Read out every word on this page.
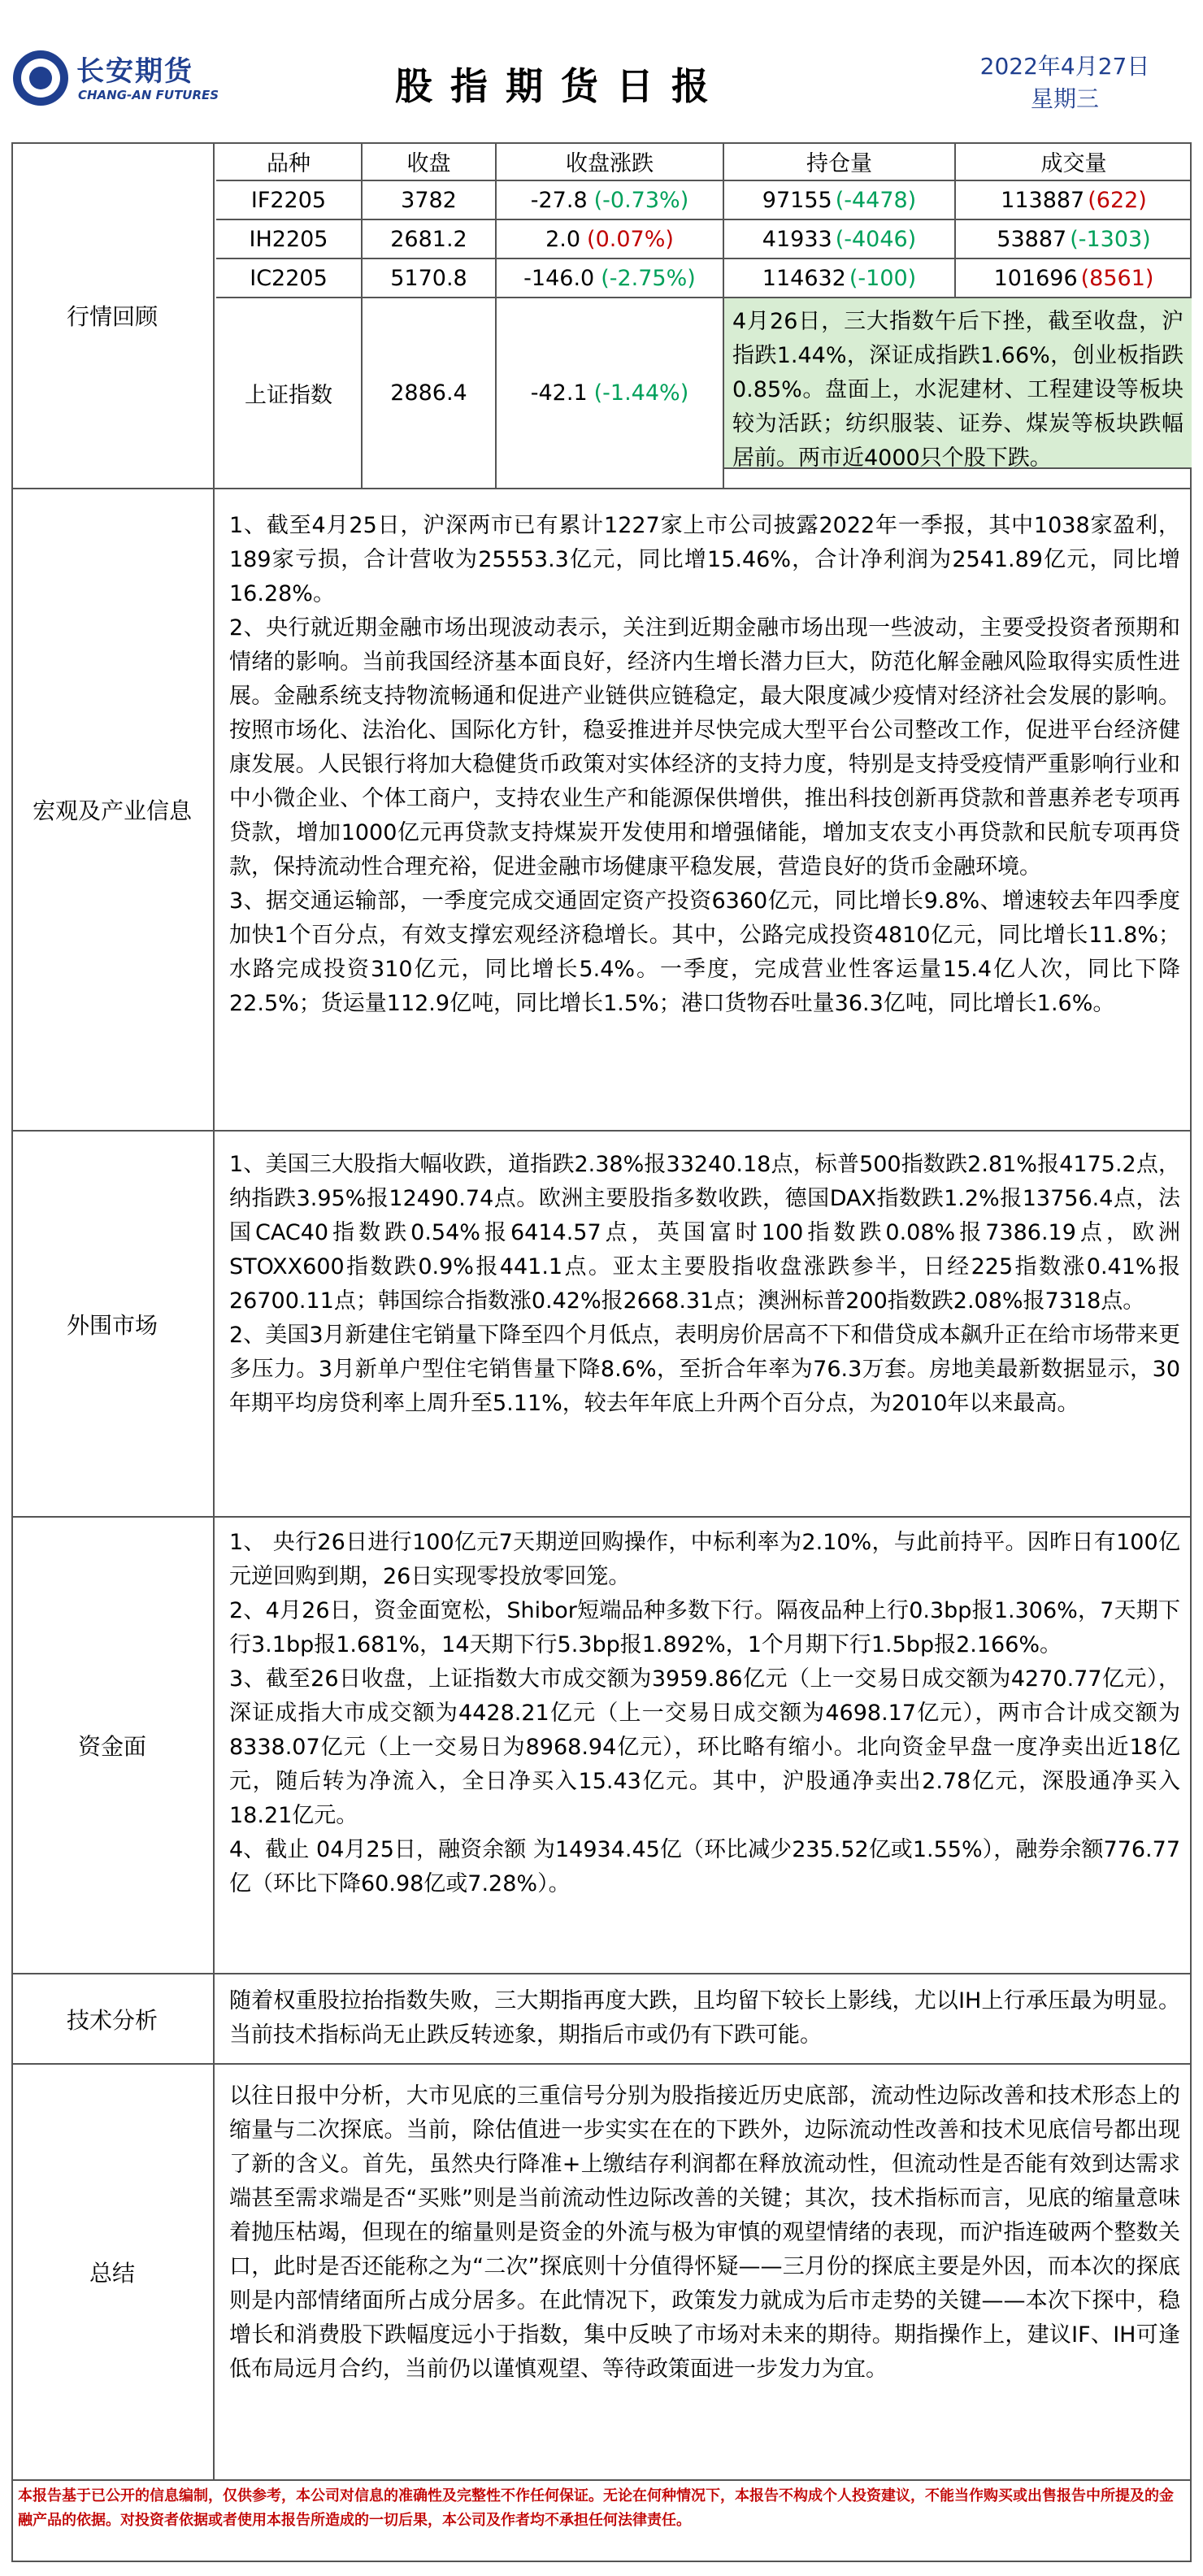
长安期货
CHANG-AN FUTURES	股指期货日报	2022年4月27日
星期三
行情回顾
品种	收盘	收盘涨跌	持仓量	成交量
IF2205	3782	-27.8 (-0.73%)	97155 (-4478)	113887 (622)
IH2205	2681.2	2.0 (0.07%)	41933 (-4046)	53887 (-1303)
IC2205	5170.8	-146.0 (-2.75%)	114632 (-100)	101696 (8561)
上证指数	2886.4	-42.1 (-1.44%)
4月26日，三大指数午后下挫，截至收盘，沪指跌1.44%，深证成指跌1.66%，创业板指跌0.85%。盘面上，水泥建材、工程建设等板块较为活跃；纺织服装、证券、煤炭等板块跌幅居前。两市近4000只个股下跌。
宏观及产业信息

1、截至4月25日，沪深两市已有累计1227家上市公司披露2022年一季报，其中1038家盈利，189家亏损，合计营收为25553.3亿元，同比增15.46%，合计净利润为2541.89亿元，同比增16.28%。

2、央行就近期金融市场出现波动表示，关注到近期金融市场出现一些波动，主要受投资者预期和情绪的影响。当前我国经济基本面良好，经济内生增长潜力巨大，防范化解金融风险取得实质性进展。金融系统支持物流畅通和促进产业链供应链稳定，最大限度减少疫情对经济社会发展的影响。按照市场化、法治化、国际化方针，稳妥推进并尽快完成大型平台公司整改工作，促进平台经济健康发展。人民银行将加大稳健货币政策对实体经济的支持力度，特别是支持受疫情严重影响行业和中小微企业、个体工商户，支持农业生产和能源保供增供，推出科技创新再贷款和普惠养老专项再贷款，增加1000亿元再贷款支持煤炭开发使用和增强储能，增加支农支小再贷款和民航专项再贷款，保持流动性合理充裕，促进金融市场健康平稳发展，营造良好的货币金融环境。

3、据交通运输部，一季度完成交通固定资产投资6360亿元，同比增长9.8%、增速较去年四季度加快1个百分点，有效支撑宏观经济稳增长。其中，公路完成投资4810亿元，同比增长11.8%；水路完成投资310亿元，同比增长5.4%。一季度，完成营业性客运量15.4亿人次，同比下降22.5%；货运量112.9亿吨，同比增长1.5%；港口货物吞吐量36.3亿吨，同比增长1.6%。

外围市场

1、美国三大股指大幅收跌，道指跌2.38%报33240.18点，标普500指数跌2.81%报4175.2点，纳指跌3.95%报12490.74点。欧洲主要股指多数收跌，德国DAX指数跌1.2%报13756.4点，法国CAC40指数跌0.54%报6414.57点，英国富时100指数跌0.08%报7386.19点，欧洲STOXX600指数跌0.9%报441.1点。亚太主要股指收盘涨跌参半，日经225指数涨0.41%报26700.11点；韩国综合指数涨0.42%报2668.31点；澳洲标普200指数跌2.08%报7318点。

2、美国3月新建住宅销量下降至四个月低点，表明房价居高不下和借贷成本飙升正在给市场带来更多压力。3月新单户型住宅销售量下降8.6%，至折合年率为76.3万套。房地美最新数据显示，30年期平均房贷利率上周升至5.11%，较去年年底上升两个百分点，为2010年以来最高。

资金面

1、 央行26日进行100亿元7天期逆回购操作，中标利率为2.10%，与此前持平。因昨日有100亿元逆回购到期，26日实现零投放零回笼。

2、4月26日，资金面宽松，Shibor短端品种多数下行。隔夜品种上行0.3bp报1.306%，7天期下行3.1bp报1.681%，14天期下行5.3bp报1.892%，1个月期下行1.5bp报2.166%。

3、截至26日收盘，上证指数大市成交额为3959.86亿元（上一交易日成交额为4270.77亿元），深证成指大市成交额为4428.21亿元（上一交易日成交额为4698.17亿元），两市合计成交额为8338.07亿元（上一交易日为8968.94亿元），环比略有缩小。北向资金早盘一度净卖出近18亿元，随后转为净流入，全日净买入15.43亿元。其中，沪股通净卖出2.78亿元，深股通净买入18.21亿元。

4、截止 04月25日，融资余额 为14934.45亿（环比减少235.52亿或1.55%），融券余额776.77亿（环比下降60.98亿或7.28%）。

技术分析

随着权重股拉抬指数失败，三大期指再度大跌，且均留下较长上影线，尤以IH上行承压最为明显。当前技术指标尚无止跌反转迹象，期指后市或仍有下跌可能。

总结

以往日报中分析，大市见底的三重信号分别为股指接近历史底部，流动性边际改善和技术形态上的缩量与二次探底。当前，除估值进一步实实在在的下跌外，边际流动性改善和技术见底信号都出现了新的含义。首先，虽然央行降准+上缴结存利润都在释放流动性，但流动性是否能有效到达需求端甚至需求端是否“买账”则是当前流动性边际改善的关键；其次，技术指标而言，见底的缩量意味着抛压枯竭，但现在的缩量则是资金的外流与极为审慎的观望情绪的表现，而沪指连破两个整数关口，此时是否还能称之为“二次”探底则十分值得怀疑——三月份的探底主要是外因，而本次的探底则是内部情绪面所占成分居多。在此情况下，政策发力就成为后市走势的关键——本次下探中，稳增长和消费股下跌幅度远小于指数，集中反映了市场对未来的期待。期指操作上，建议IF、IH可逢低布局远月合约，当前仍以谨慎观望、等待政策面进一步发力为宜。

本报告基于已公开的信息编制，仅供参考，本公司对信息的准确性及完整性不作任何保证。无论在何种情况下，本报告不构成个人投资建议，不能当作购买或出售报告中所提及的金融产品的依据。对投资者依据或者使用本报告所造成的一切后果，本公司及作者均不承担任何法律责任。
